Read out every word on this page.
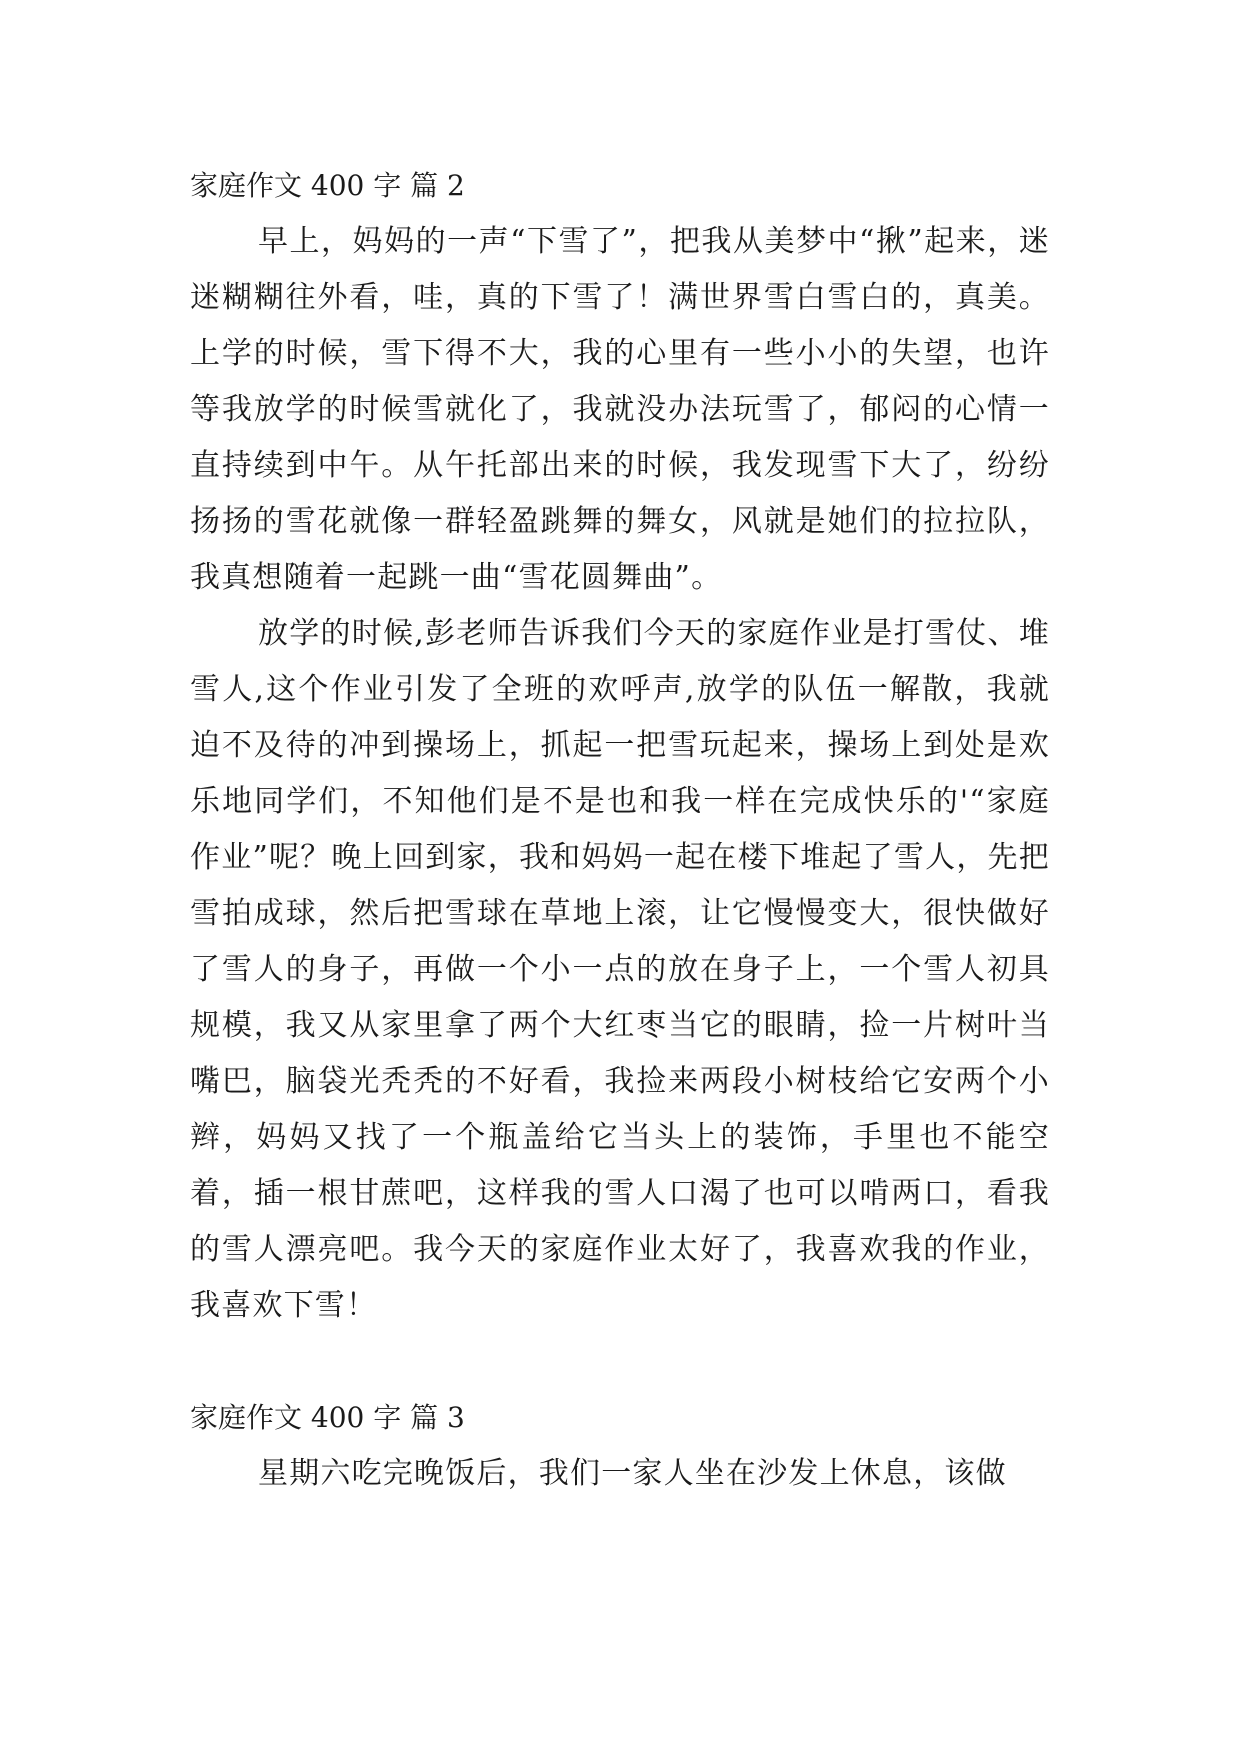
家庭作文 400 字 篇 2

早上，妈妈的一声“下雪了”，把我从美梦中“揪”起来，迷迷糊糊往外看，哇，真的下雪了！满世界雪白雪白的，真美。上学的时候，雪下得不大，我的心里有一些小小的失望，也许等我放学的时候雪就化了，我就没办法玩雪了，郁闷的心情一直持续到中午。从午托部出来的时候，我发现雪下大了，纷纷扬扬的雪花就像一群轻盈跳舞的舞女，风就是她们的拉拉队，我真想随着一起跳一曲“雪花圆舞曲”。

放学的时候,彭老师告诉我们今天的家庭作业是打雪仗、堆雪人,这个作业引发了全班的欢呼声,放学的队伍一解散，我就迫不及待的冲到操场上，抓起一把雪玩起来，操场上到处是欢乐地同学们，不知他们是不是也和我一样在完成快乐的'“家庭作业”呢？晚上回到家，我和妈妈一起在楼下堆起了雪人，先把雪拍成球，然后把雪球在草地上滚，让它慢慢变大，很快做好了雪人的身子，再做一个小一点的放在身子上，一个雪人初具规模，我又从家里拿了两个大红枣当它的眼睛，捡一片树叶当嘴巴，脑袋光秃秃的不好看，我捡来两段小树枝给它安两个小辫，妈妈又找了一个瓶盖给它当头上的装饰，手里也不能空着，插一根甘蔗吧，这样我的雪人口渴了也可以啃两口，看我的雪人漂亮吧。我今天的家庭作业太好了，我喜欢我的作业，我喜欢下雪！

家庭作文 400 字 篇 3

星期六吃完晚饭后，我们一家人坐在沙发上休息，该做
